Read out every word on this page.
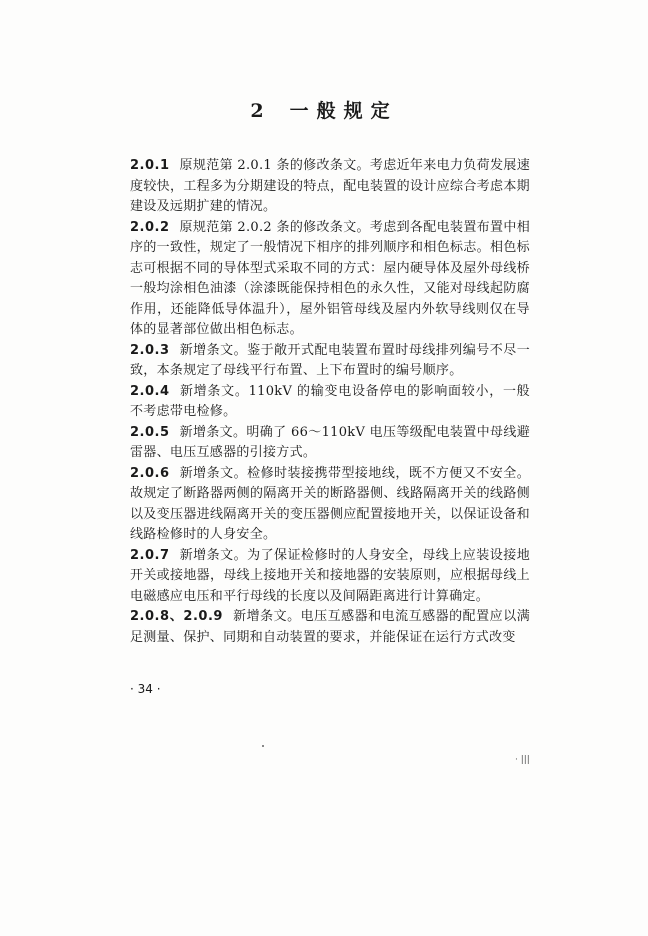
2 一般规定

2.0.1 原规范第 2.0.1 条的修改条文。考虑近年来电力负荷发展速度较快，工程多为分期建设的特点，配电装置的设计应综合考虑本期建设及远期扩建的情况。

2.0.2 原规范第 2.0.2 条的修改条文。考虑到各配电装置布置中相序的一致性，规定了一般情况下相序的排列顺序和相色标志。相色标志可根据不同的导体型式采取不同的方式：屋内硬导体及屋外母线桥一般均涂相色油漆（涂漆既能保持相色的永久性，又能对母线起防腐作用，还能降低导体温升），屋外铝管母线及屋内外软导线则仅在导体的显著部位做出相色标志。

2.0.3 新增条文。鉴于敞开式配电装置布置时母线排列编号不尽一致，本条规定了母线平行布置、上下布置时的编号顺序。

2.0.4 新增条文。110kV 的输变电设备停电的影响面较小，一般不考虑带电检修。

2.0.5 新增条文。明确了 66～110kV 电压等级配电装置中母线避雷器、电压互感器的引接方式。

2.0.6 新增条文。检修时装接携带型接地线，既不方便又不安全。故规定了断路器两侧的隔离开关的断路器侧、线路隔离开关的线路侧以及变压器进线隔离开关的变压器侧应配置接地开关，以保证设备和线路检修时的人身安全。

2.0.7 新增条文。为了保证检修时的人身安全，母线上应装设接地开关或接地器，母线上接地开关和接地器的安装原则，应根据母线上电磁感应电压和平行母线的长度以及间隔距离进行计算确定。

2.0.8、2.0.9 新增条文。电压互感器和电流互感器的配置应以满足测量、保护、同期和自动装置的要求，并能保证在运行方式改变

· 34 ·
· |||
